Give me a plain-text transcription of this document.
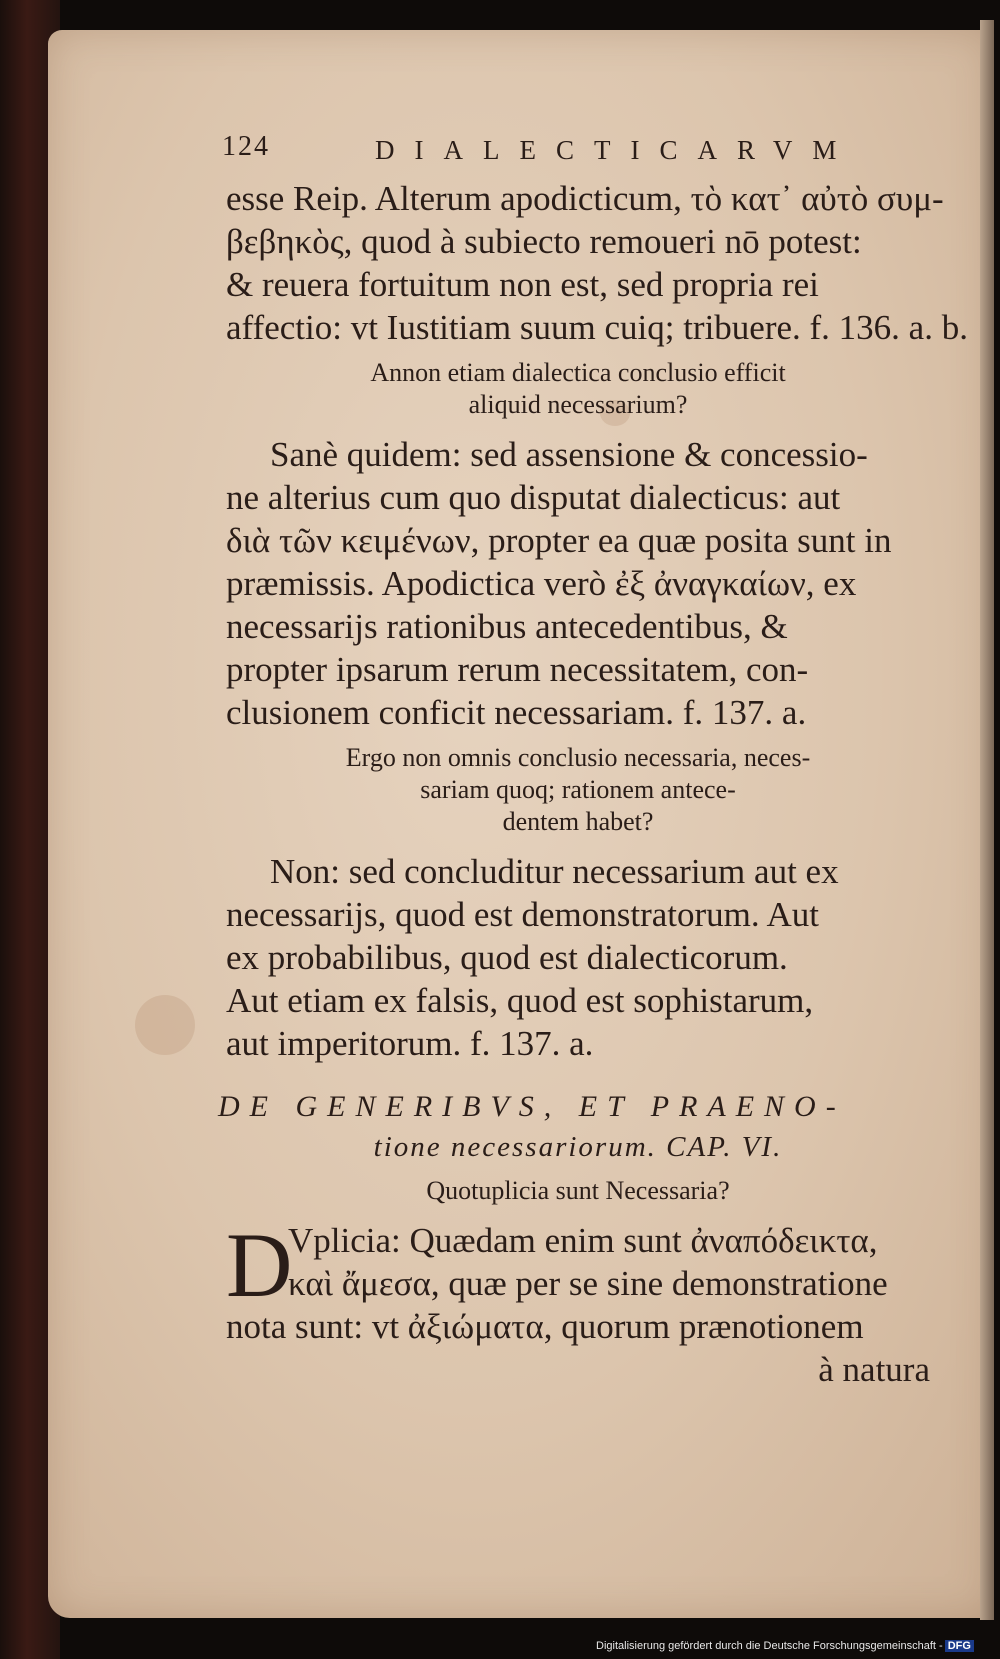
124	DIALECTICARVM

esse Reip. Alterum apodicticum, τὸ κατ᾽ αὐτὸ συμ-

βεβηκὸς, quod à subiecto remoueri nō potest:

& reuera fortuitum non est, sed propria rei

affectio: vt Iustitiam suum cuiq; tribuere. f. 136. a. b.

Annon etiam dialectica conclusio efficit

aliquid necessarium?

Sanè quidem: sed assensione & concessio-

ne alterius cum quo disputat dialecticus: aut

διὰ τῶν κειμένων, propter ea quæ posita sunt in

præmissis. Apodictica verò ἐξ ἀναγκαίων, ex

necessarijs rationibus antecedentibus, &

propter ipsarum rerum necessitatem, con-

clusionem conficit necessariam. f. 137. a.

Ergo non omnis conclusio necessaria, neces-

sariam quoq; rationem antece-

dentem habet?

Non: sed concluditur necessarium aut ex

necessarijs, quod est demonstratorum. Aut

ex probabilibus, quod est dialecticorum.

Aut etiam ex falsis, quod est sophistarum,

aut imperitorum. f. 137. a.

DE GENERIBVS, ET PRAENO-

tione necessariorum. CAP. VI.

Quotuplicia sunt Necessaria?

D

Vplicia: Quædam enim sunt ἀναπόδεικτα,

καὶ ἄμεσα, quæ per se sine demonstratione

nota sunt: vt ἀξιώματα, quorum prænotionem

à natura

Digitalisierung gefördert durch die Deutsche Forschungsgemeinschaft - DFG
